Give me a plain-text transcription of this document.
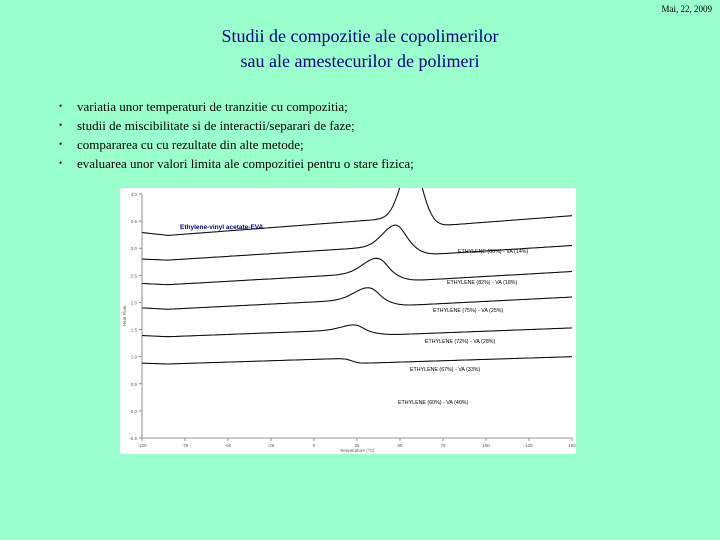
Mai, 22, 2009
Studii de compozitie ale copolimerilor
sau ale amestecurilor de polimeri
• variatia unor temperaturi de tranzitie cu compozitia;
• studii de miscibilitate si de interactii/separari de faze;
• compararea cu cu rezultate din alte metode;
• evaluarea unor valori limita ale compozitiei pentru o stare fizica;
-0.5
0.0
0.5
1.0
1.5
2.0
2.5
3.0
3.5
4.0
-100	-75	-50	-25	0	25	50	75	100	125	150
Temperature (°C)
Heat Flow
Ethylene-vinyl acetate-EVA
ETHYLENE (86%) - VA (14%)
ETHYLENE (82%) - VA (18%)
ETHYLENE (75%) - VA (25%)
ETHYLENE (72%) - VA (28%)
ETHYLENE (67%) - VA (33%)
ETHYLENE (60%) - VA (40%)
